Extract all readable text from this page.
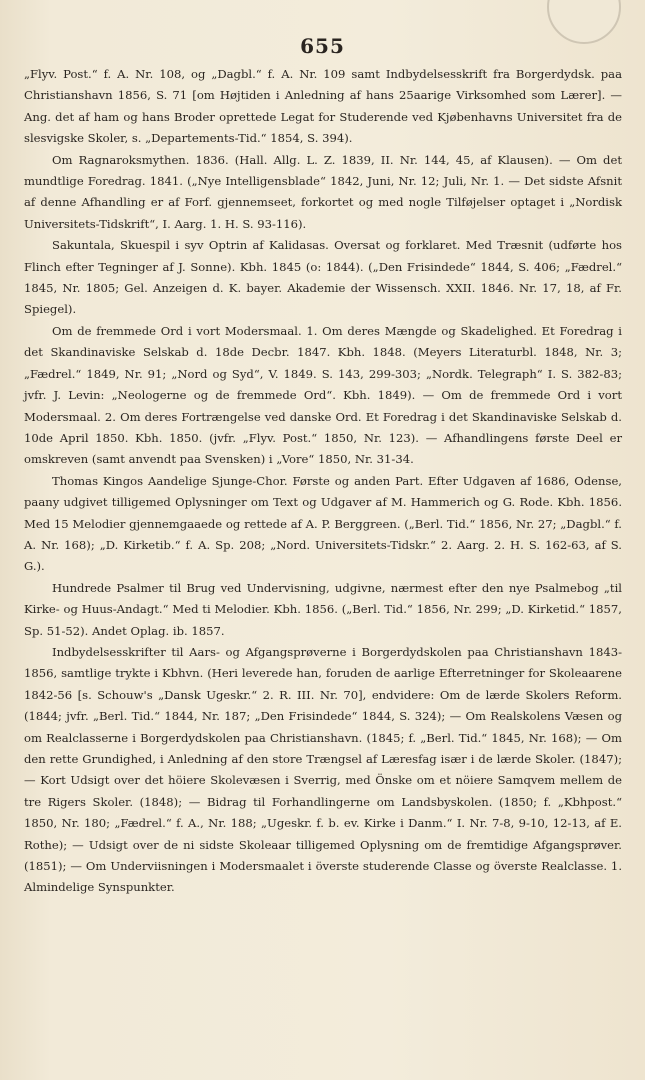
655

„Flyv. Post.“ f. A. Nr. 108, og „Dagbl.“ f. A. Nr. 109 samt Indbydelsesskrift fra Borgerdydsk. paa Christianshavn 1856, S. 71 [om Højtiden i Anledning af hans 25aarige Virksomhed som Lærer]. — Ang. det af ham og hans Broder oprettede Legat for Studerende ved Kjøbenhavns Universitet fra de slesvigske Skoler, s. „Departements-Tid.“ 1854, S. 394).

Om Ragnaroksmythen. 1836. (Hall. Allg. L. Z. 1839, II. Nr. 144, 45, af Klausen). — Om det mundtlige Foredrag. 1841. („Nye Intelligensblade“ 1842, Juni, Nr. 12; Juli, Nr. 1. — Det sidste Afsnit af denne Afhandling er af Forf. gjennemseet, forkortet og med nogle Tilføjelser optaget i „Nordisk Universitets-Tidskrift“, I. Aarg. 1. H. S. 93-116).

Sakuntala, Skuespil i syv Optrin af Kalidasas. Oversat og forklaret. Med Træsnit (udførte hos Flinch efter Tegninger af J. Sonne). Kbh. 1845 (o: 1844). („Den Frisindede“ 1844, S. 406; „Fædrel.“ 1845, Nr. 1805; Gel. Anzeigen d. K. bayer. Akademie der Wissensch. XXII. 1846. Nr. 17, 18, af Fr. Spiegel).

Om de fremmede Ord i vort Modersmaal. 1. Om deres Mængde og Skadelighed. Et Foredrag i det Skandinaviske Selskab d. 18de Decbr. 1847. Kbh. 1848. (Meyers Literaturbl. 1848, Nr. 3; „Fædrel.“ 1849, Nr. 91; „Nord og Syd“, V. 1849. S. 143, 299-303; „Nordk. Telegraph“ I. S. 382-83; jvfr. J. Levin: „Neologerne og de fremmede Ord“. Kbh. 1849). — Om de fremmede Ord i vort Modersmaal. 2. Om deres Fortrængelse ved danske Ord. Et Foredrag i det Skandinaviske Selskab d. 10de April 1850. Kbh. 1850. (jvfr. „Flyv. Post.“ 1850, Nr. 123). — Afhandlingens første Deel er omskreven (samt anvendt paa Svensken) i „Vore“ 1850, Nr. 31-34.

Thomas Kingos Aandelige Sjunge-Chor. Første og anden Part. Efter Udgaven af 1686, Odense, paany udgivet tilligemed Oplysninger om Text og Udgaver af M. Hammerich og G. Rode. Kbh. 1856. Med 15 Melodier gjennemgaaede og rettede af A. P. Berggreen. („Berl. Tid.“ 1856, Nr. 27; „Dagbl.“ f. A. Nr. 168); „D. Kirketib.“ f. A. Sp. 208; „Nord. Universitets-Tidskr.“ 2. Aarg. 2. H. S. 162-63, af S. G.).

Hundrede Psalmer til Brug ved Undervisning, udgivne, nærmest efter den nye Psalmebog „til Kirke- og Huus-Andagt.“ Med ti Melodier. Kbh. 1856. („Berl. Tid.“ 1856, Nr. 299; „D. Kirketid.“ 1857, Sp. 51-52). Andet Oplag. ib. 1857.

Indbydelsesskrifter til Aars- og Afgangsprøverne i Borgerdydskolen paa Christianshavn 1843-1856, samtlige trykte i Kbhvn. (Heri leverede han, foruden de aarlige Efterretninger for Skoleaarene 1842-56 [s. Schouw's „Dansk Ugeskr.“ 2. R. III. Nr. 70], endvidere: Om de lærde Skolers Reform. (1844; jvfr. „Berl. Tid.“ 1844, Nr. 187; „Den Frisindede“ 1844, S. 324); — Om Realskolens Væsen og om Realclasserne i Borgerdydskolen paa Christianshavn. (1845; f. „Berl. Tid.“ 1845, Nr. 168); — Om den rette Grundighed, i Anledning af den store Trængsel af Læresfag især i de lærde Skoler. (1847); — Kort Udsigt over det höiere Skolevæsen i Sverrig, med Önske om et nöiere Samqvem mellem de tre Rigers Skoler. (1848); — Bidrag til Forhandlingerne om Landsbyskolen. (1850; f. „Kbhpost.“ 1850, Nr. 180; „Fædrel.“ f. A., Nr. 188; „Ugeskr. f. b. ev. Kirke i Danm.“ I. Nr. 7-8, 9-10, 12-13, af E. Rothe); — Udsigt over de ni sidste Skoleaar tilligemed Oplysning om de fremtidige Afgangsprøver. (1851); — Om Underviisningen i Modersmaalet i överste studerende Classe og överste Realclasse. 1. Almindelige Synspunkter.
